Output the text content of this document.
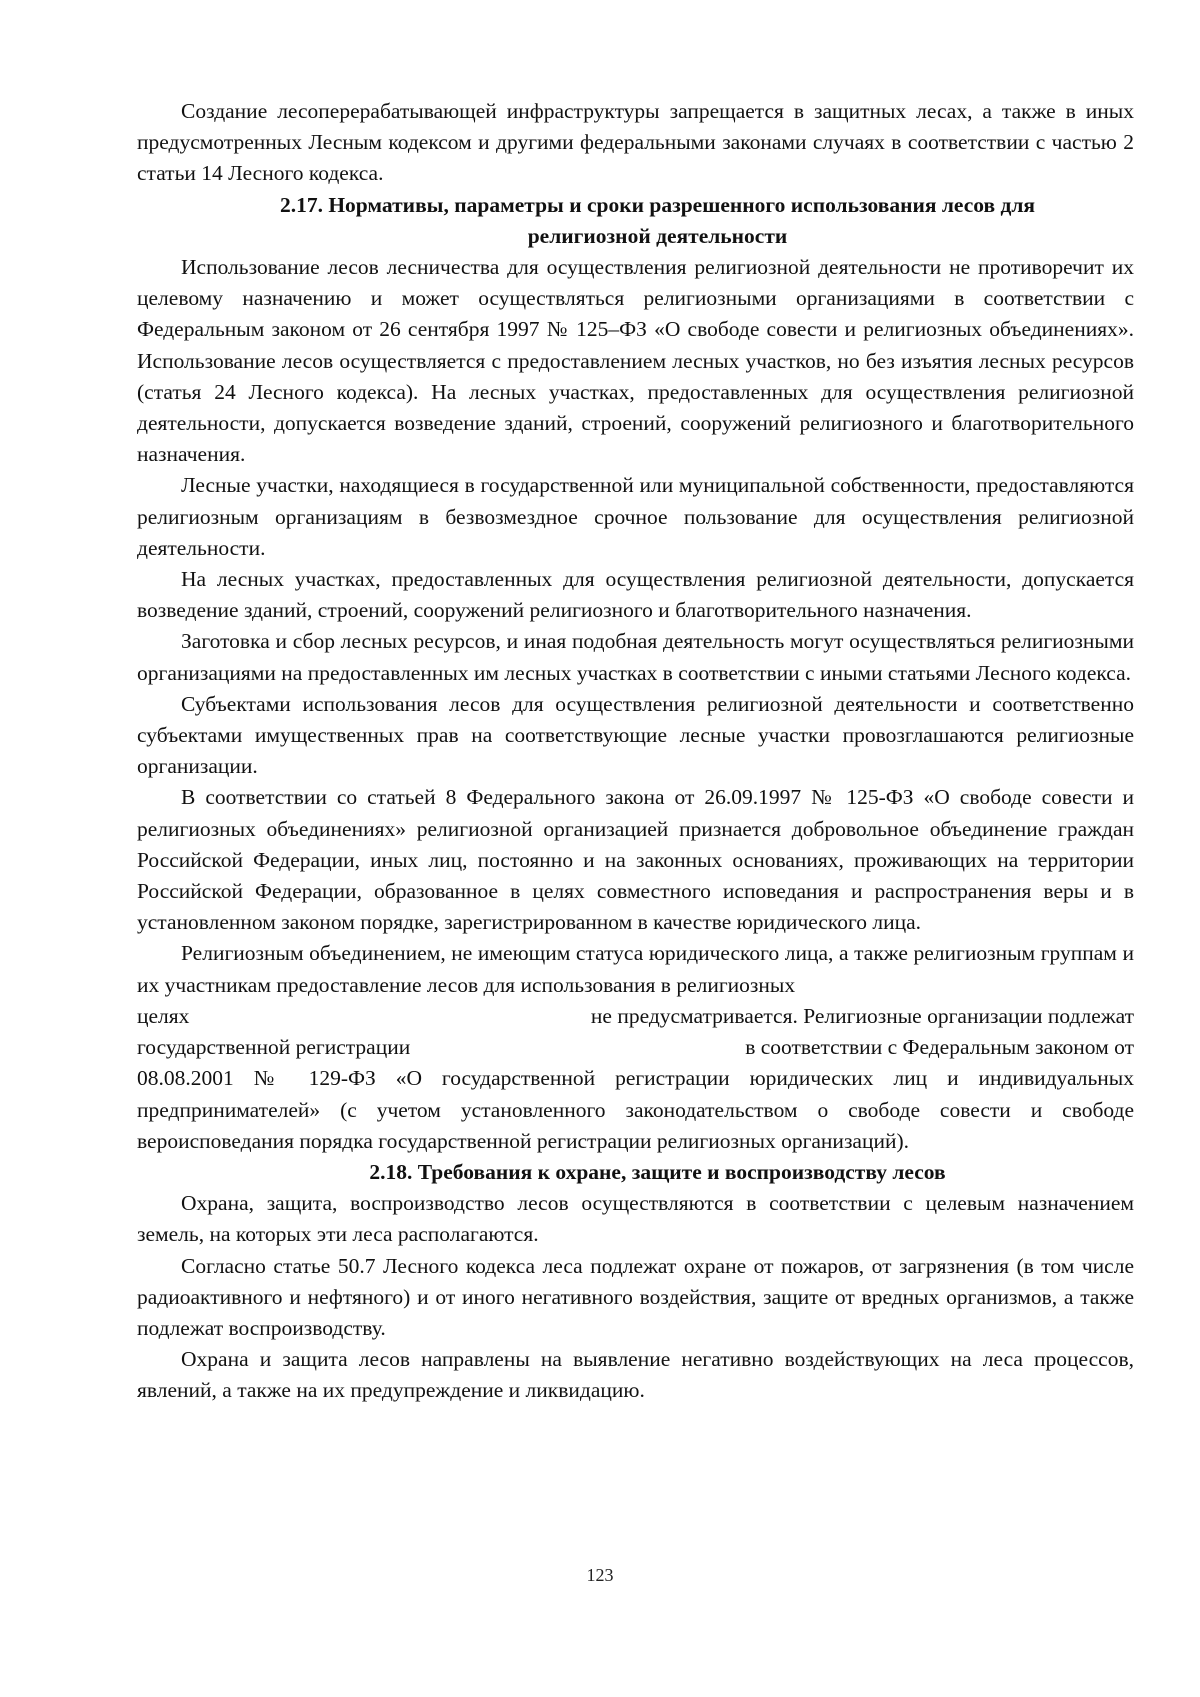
Создание лесоперерабатывающей инфраструктуры запрещается в защитных лесах, а также в иных предусмотренных Лесным кодексом и другими федеральными законами случаях в соответствии с частью 2 статьи 14 Лесного кодекса.

2.17. Нормативы, параметры и сроки разрешенного использования лесов для

религиозной деятельности

Использование лесов лесничества для осуществления религиозной деятельности не противоречит их целевому назначению и может осуществляться религиозными организациями в соответствии с Федеральным законом от 26 сентября 1997 № 125–ФЗ «О свободе совести и религиозных объединениях». Использование лесов осуществляется с предоставлением лесных участков, но без изъятия лесных ресурсов (статья 24 Лесного кодекса). На лесных участках, предоставленных для осуществления религиозной деятельности, допускается возведение зданий, строений, сооружений религиозного и благотворительного назначения.

Лесные участки, находящиеся в государственной или муниципальной собственности, предоставляются религиозным организациям в безвозмездное срочное пользование для осуществления религиозной деятельности.

На лесных участках, предоставленных для осуществления религиозной деятельности, допускается возведение зданий, строений, сооружений религиозного и благотворительного назначения.

Заготовка и сбор лесных ресурсов, и иная подобная деятельность могут осуществляться религиозными организациями на предоставленных им лесных участках в соответствии с иными статьями Лесного кодекса.

Субъектами использования лесов для осуществления религиозной деятельности и соответственно субъектами имущественных прав на соответствующие лесные участки провозглашаются религиозные организации.

В соответствии со статьей 8 Федерального закона от 26.09.1997 № 125-ФЗ «О свободе совести и религиозных объединениях» религиозной организацией признается добровольное объединение граждан Российской Федерации, иных лиц, постоянно и на законных основаниях, проживающих на территории Российской Федерации, образованное в целях совместного исповедания и распространения веры и в установленном законом порядке, зарегистрированном в качестве юридического лица.

Религиозным объединением, не имеющим статуса юридического лица, а также религиозным группам и их участникам предоставление лесов для использования в религиозных

целях	не предусматривается. Религиозные организации подлежат
государственной регистрации	в соответствии с Федеральным законом от

08.08.2001 № 129-ФЗ «О государственной регистрации юридических лиц и индивидуальных предпринимателей» (с учетом установленного законодательством о свободе совести и свободе вероисповедания порядка государственной регистрации религиозных организаций).

2.18. Требования к охране, защите и воспроизводству лесов

Охрана, защита, воспроизводство лесов осуществляются в соответствии с целевым назначением земель, на которых эти леса располагаются.

Согласно статье 50.7 Лесного кодекса леса подлежат охране от пожаров, от загрязнения (в том числе радиоактивного и нефтяного) и от иного негативного воздействия, защите от вредных организмов, а также подлежат воспроизводству.

Охрана и защита лесов направлены на выявление негативно воздействующих на леса процессов, явлений, а также на их предупреждение и ликвидацию.

123
